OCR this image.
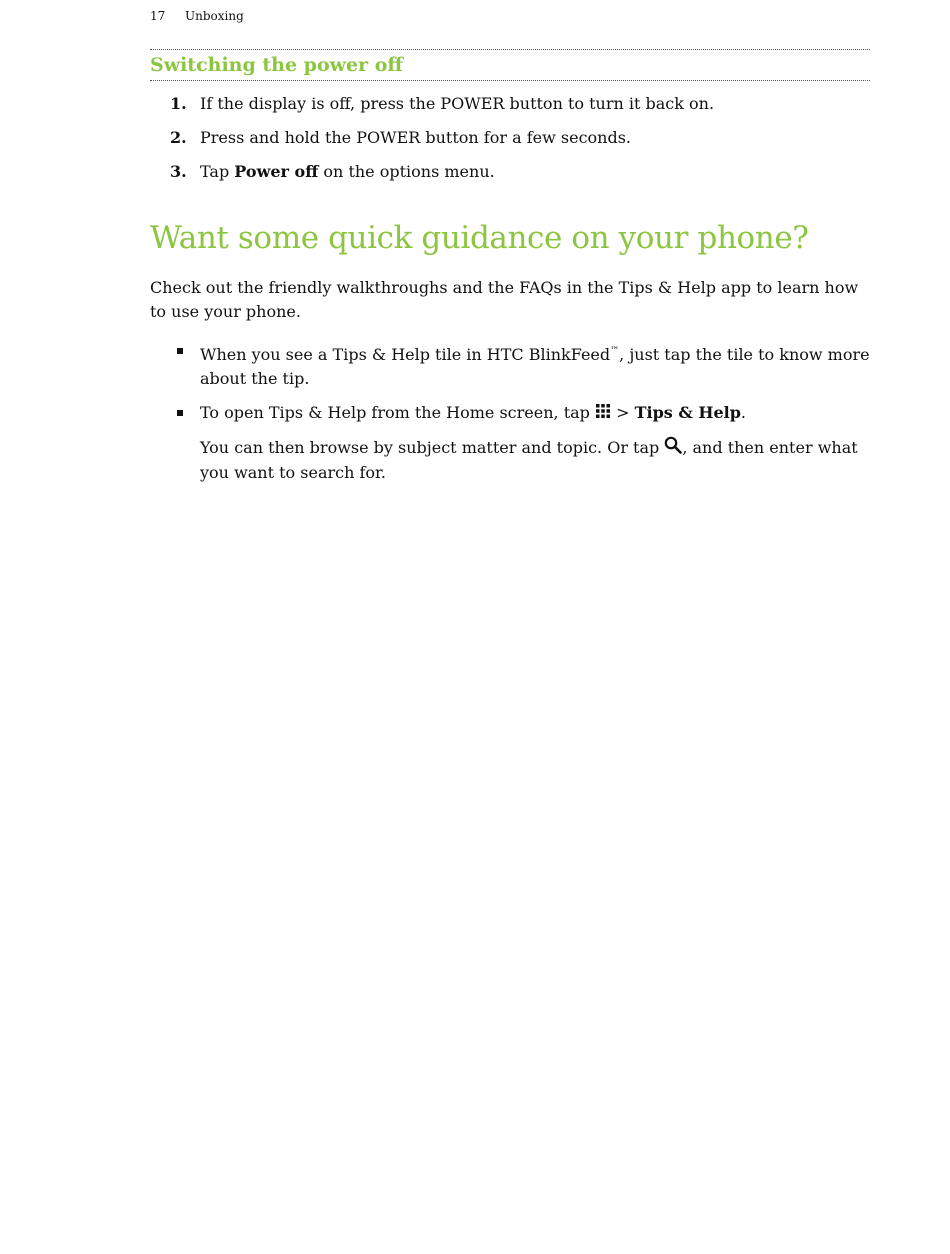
17 Unboxing
Switching the power off
1. If the display is off, press the POWER button to turn it back on.
2. Press and hold the POWER button for a few seconds.
3. Tap Power off on the options menu.
Want some quick guidance on your phone?

Check out the friendly walkthroughs and the FAQs in the Tips & Help app to learn how to use your phone.

When you see a Tips & Help tile in HTC BlinkFeed™, just tap the tile to know more about the tip.
To open Tips & Help from the Home screen, tap  > Tips & Help.
You can then browse by subject matter and topic. Or tap , and then enter what you want to search for.
